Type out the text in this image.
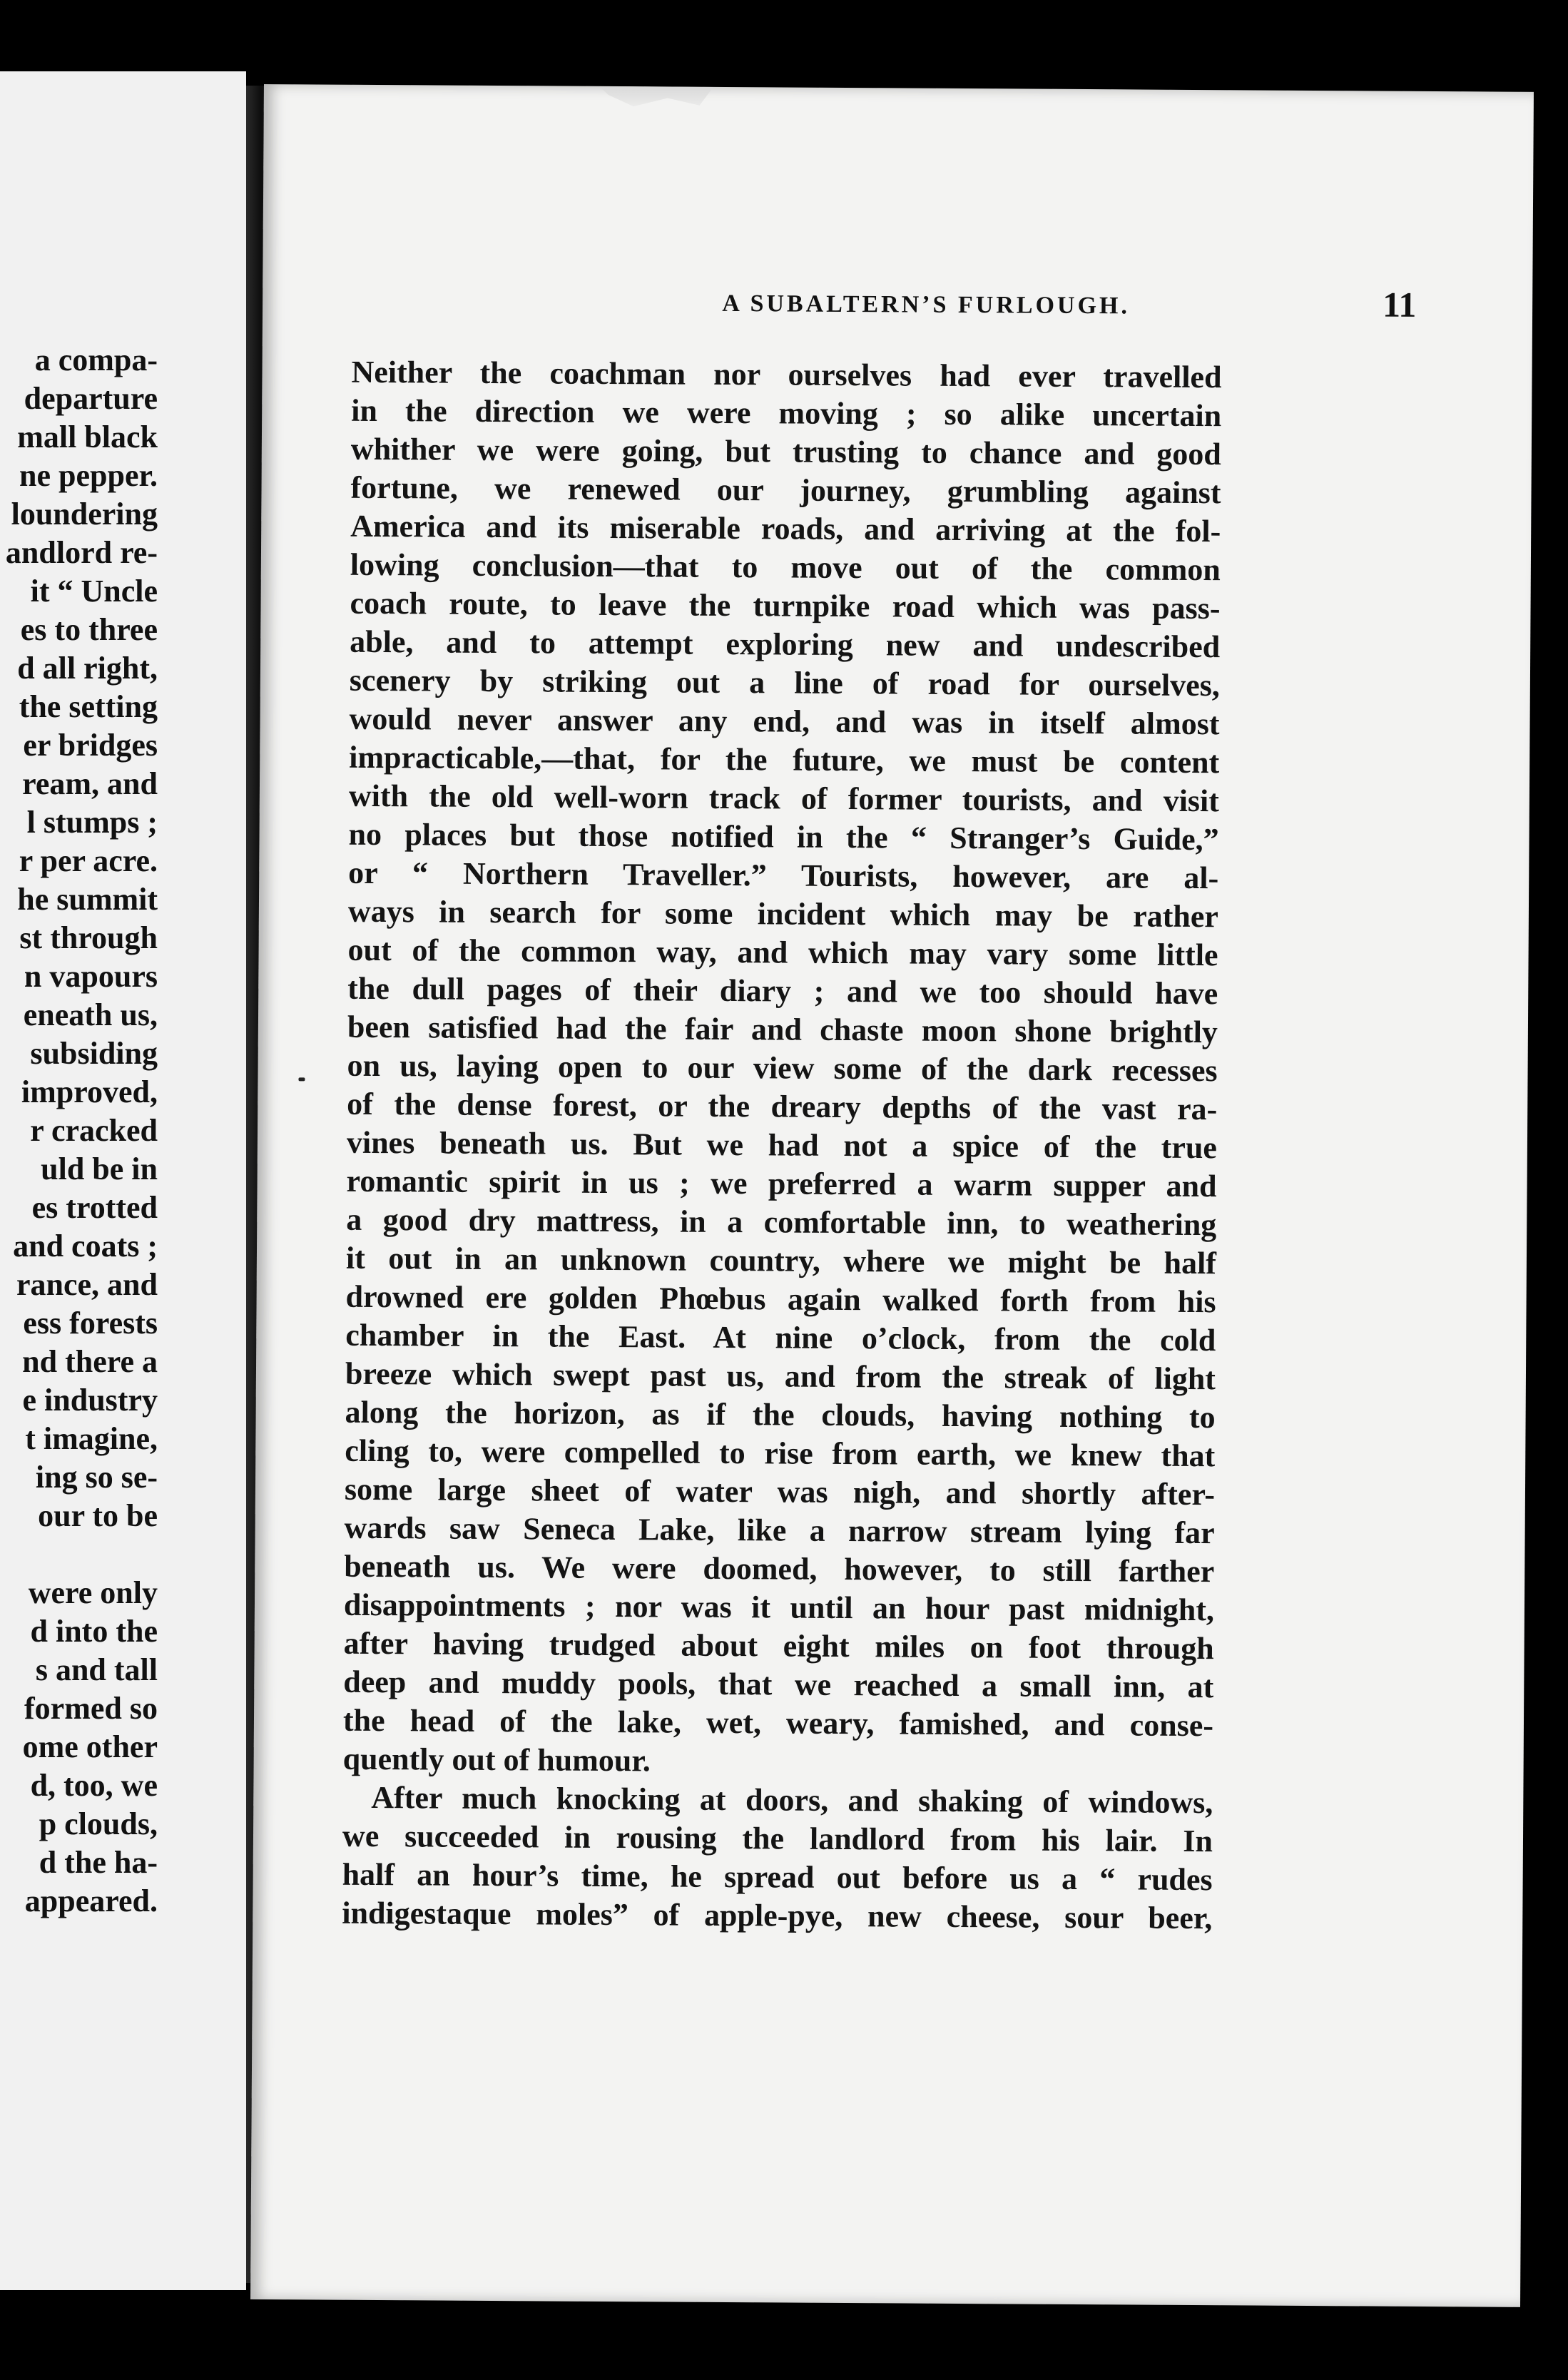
a compa-
departure
mall black
ne pepper.
loundering
andlord re-
it “ Uncle
es to three
d all right,
the setting
er bridges
ream, and
l stumps ;
r per acre.
he summit
st through
n vapours
eneath us,
subsiding
improved,
r cracked
uld be in
es trotted
and coats ;
rance, and
ess forests
nd there a
e industry
t imagine,
ing so se-
our to be
were only
d into the
s and tall
formed so
ome other
d, too, we
p clouds,
d the ha-
appeared.
A SUBALTERN’S FURLOUGH.	11
Neither the coachman nor ourselves had ever travelled
in the direction we were moving ; so alike uncertain
whither we were going, but trusting to chance and good
fortune, we renewed our journey, grumbling against
America and its miserable roads, and arriving at the fol-
lowing conclusion—that to move out of the common
coach route, to leave the turnpike road which was pass-
able, and to attempt exploring new and undescribed
scenery by striking out a line of road for ourselves,
would never answer any end, and was in itself almost
impracticable,—that, for the future, we must be content
with the old well-worn track of former tourists, and visit
no places but those notified in the “ Stranger’s Guide,”
or “ Northern Traveller.” Tourists, however, are al-
ways in search for some incident which may be rather
out of the common way, and which may vary some little
the dull pages of their diary ; and we too should have
been satisfied had the fair and chaste moon shone brightly
on us, laying open to our view some of the dark recesses
of the dense forest, or the dreary depths of the vast ra-
vines beneath us. But we had not a spice of the true
romantic spirit in us ; we preferred a warm supper and
a good dry mattress, in a comfortable inn, to weathering
it out in an unknown country, where we might be half
drowned ere golden Phœbus again walked forth from his
chamber in the East. At nine o’clock, from the cold
breeze which swept past us, and from the streak of light
along the horizon, as if the clouds, having nothing to
cling to, were compelled to rise from earth, we knew that
some large sheet of water was nigh, and shortly after-
wards saw Seneca Lake, like a narrow stream lying far
beneath us. We were doomed, however, to still farther
disappointments ; nor was it until an hour past midnight,
after having trudged about eight miles on foot through
deep and muddy pools, that we reached a small inn, at
the head of the lake, wet, weary, famished, and conse-
quently out of humour.
After much knocking at doors, and shaking of windows,
we succeeded in rousing the landlord from his lair. In
half an hour’s time, he spread out before us a “ rudes
indigestaque moles” of apple-pye, new cheese, sour beer,
